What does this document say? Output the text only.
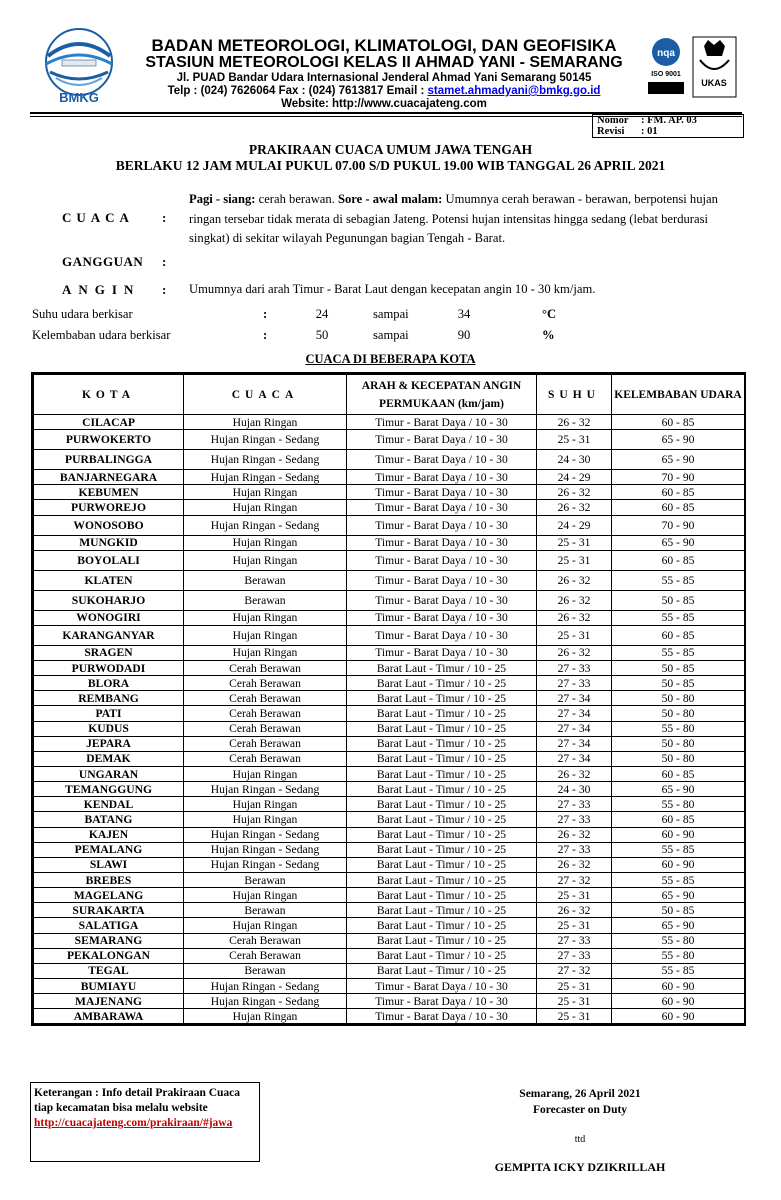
BMKG
BADAN METEOROLOGI, KLIMATOLOGI, DAN GEOFISIKA
STASIUN METEOROLOGI KELAS II AHMAD YANI - SEMARANG
Jl. PUAD Bandar Udara Internasional Jenderal Ahmad Yani Semarang 50145
Telp : (024) 7626064 Fax : (024) 7613817 Email : stamet.ahmadyani@bmkg.go.id
Website: http://www.cuacajateng.com
nqa
ISO 9001
UKAS
Nomor	: FM. AP. 03
Revisi	: 01
PRAKIRAAN CUACA UMUM JAWA TENGAH
BERLAKU 12 JAM MULAI PUKUL 07.00 S/D PUKUL 19.00 WIB TANGGAL 26 APRIL 2021
CUACA :
Pagi - siang: cerah berawan. Sore - awal malam: Umumnya cerah berawan - berawan, berpotensi hujan ringan tersebar tidak merata di sebagian Jateng. Potensi hujan intensitas hingga sedang (lebat berdurasi singkat) di sekitar wilayah Pegunungan bagian Tengah - Barat.
GANGGUAN :
ANGIN : Umumnya dari arah Timur - Barat Laut dengan kecepatan angin 10 - 30 km/jam.
Suhu udara berkisar	:	24	sampai	34	°C
Kelembaban udara berkisar	:	50	sampai	90	%
CUACA DI BEBERAPA KOTA
KOTA	CUACA	ARAH & KECEPATAN ANGIN PERMUKAAN (km/jam)	SUHU	KELEMBABAN UDARA
CILACAP	Hujan Ringan	Timur - Barat Daya / 10 - 30	26 - 32	60 - 85
PURWOKERTO	Hujan Ringan - Sedang	Timur - Barat Daya / 10 - 30	25 - 31	65 - 90
PURBALINGGA	Hujan Ringan - Sedang	Timur - Barat Daya / 10 - 30	24 - 30	65 - 90
BANJARNEGARA	Hujan Ringan - Sedang	Timur - Barat Daya / 10 - 30	24 - 29	70 - 90
KEBUMEN	Hujan Ringan	Timur - Barat Daya / 10 - 30	26 - 32	60 - 85
PURWOREJO	Hujan Ringan	Timur - Barat Daya / 10 - 30	26 - 32	60 - 85
WONOSOBO	Hujan Ringan - Sedang	Timur - Barat Daya / 10 - 30	24 - 29	70 - 90
MUNGKID	Hujan Ringan	Timur - Barat Daya / 10 - 30	25 - 31	65 - 90
BOYOLALI	Hujan Ringan	Timur - Barat Daya / 10 - 30	25 - 31	60 - 85
KLATEN	Berawan	Timur - Barat Daya / 10 - 30	26 - 32	55 - 85
SUKOHARJO	Berawan	Timur - Barat Daya / 10 - 30	26 - 32	50 - 85
WONOGIRI	Hujan Ringan	Timur - Barat Daya / 10 - 30	26 - 32	55 - 85
KARANGANYAR	Hujan Ringan	Timur - Barat Daya / 10 - 30	25 - 31	60 - 85
SRAGEN	Hujan Ringan	Timur - Barat Daya / 10 - 30	26 - 32	55 - 85
PURWODADI	Cerah Berawan	Barat Laut - Timur / 10 - 25	27 - 33	50 - 85
BLORA	Cerah Berawan	Barat Laut - Timur / 10 - 25	27 - 33	50 - 85
REMBANG	Cerah Berawan	Barat Laut - Timur / 10 - 25	27 - 34	50 - 80
PATI	Cerah Berawan	Barat Laut - Timur / 10 - 25	27 - 34	50 - 80
KUDUS	Cerah Berawan	Barat Laut - Timur / 10 - 25	27 - 34	55 - 80
JEPARA	Cerah Berawan	Barat Laut - Timur / 10 - 25	27 - 34	50 - 80
DEMAK	Cerah Berawan	Barat Laut - Timur / 10 - 25	27 - 34	50 - 80
UNGARAN	Hujan Ringan	Barat Laut - Timur / 10 - 25	26 - 32	60 - 85
TEMANGGUNG	Hujan Ringan - Sedang	Barat Laut - Timur / 10 - 25	24 - 30	65 - 90
KENDAL	Hujan Ringan	Barat Laut - Timur / 10 - 25	27 - 33	55 - 80
BATANG	Hujan Ringan	Barat Laut - Timur / 10 - 25	27 - 33	60 - 85
KAJEN	Hujan Ringan - Sedang	Barat Laut - Timur / 10 - 25	26 - 32	60 - 90
PEMALANG	Hujan Ringan - Sedang	Barat Laut - Timur / 10 - 25	27 - 33	55 - 85
SLAWI	Hujan Ringan - Sedang	Barat Laut - Timur / 10 - 25	26 - 32	60 - 90
BREBES	Berawan	Barat Laut - Timur / 10 - 25	27 - 32	55 - 85
MAGELANG	Hujan Ringan	Barat Laut - Timur / 10 - 25	25 - 31	65 - 90
SURAKARTA	Berawan	Barat Laut - Timur / 10 - 25	26 - 32	50 - 85
SALATIGA	Hujan Ringan	Barat Laut - Timur / 10 - 25	25 - 31	65 - 90
SEMARANG	Cerah Berawan	Barat Laut - Timur / 10 - 25	27 - 33	55 - 80
PEKALONGAN	Cerah Berawan	Barat Laut - Timur / 10 - 25	27 - 33	55 - 80
TEGAL	Berawan	Barat Laut - Timur / 10 - 25	27 - 32	55 - 85
BUMIAYU	Hujan Ringan - Sedang	Timur - Barat Daya / 10 - 30	25 - 31	60 - 90
MAJENANG	Hujan Ringan - Sedang	Timur - Barat Daya / 10 - 30	25 - 31	60 - 90
AMBARAWA	Hujan Ringan	Timur - Barat Daya / 10 - 30	25 - 31	60 - 90
Keterangan : Info detail Prakiraan Cuaca tiap kecamatan bisa melalu website
http://cuacajateng.com/prakiraan/#jawa
Semarang, 26 April 2021
Forecaster on Duty
ttd
GEMPITA ICKY DZIKRILLAH
